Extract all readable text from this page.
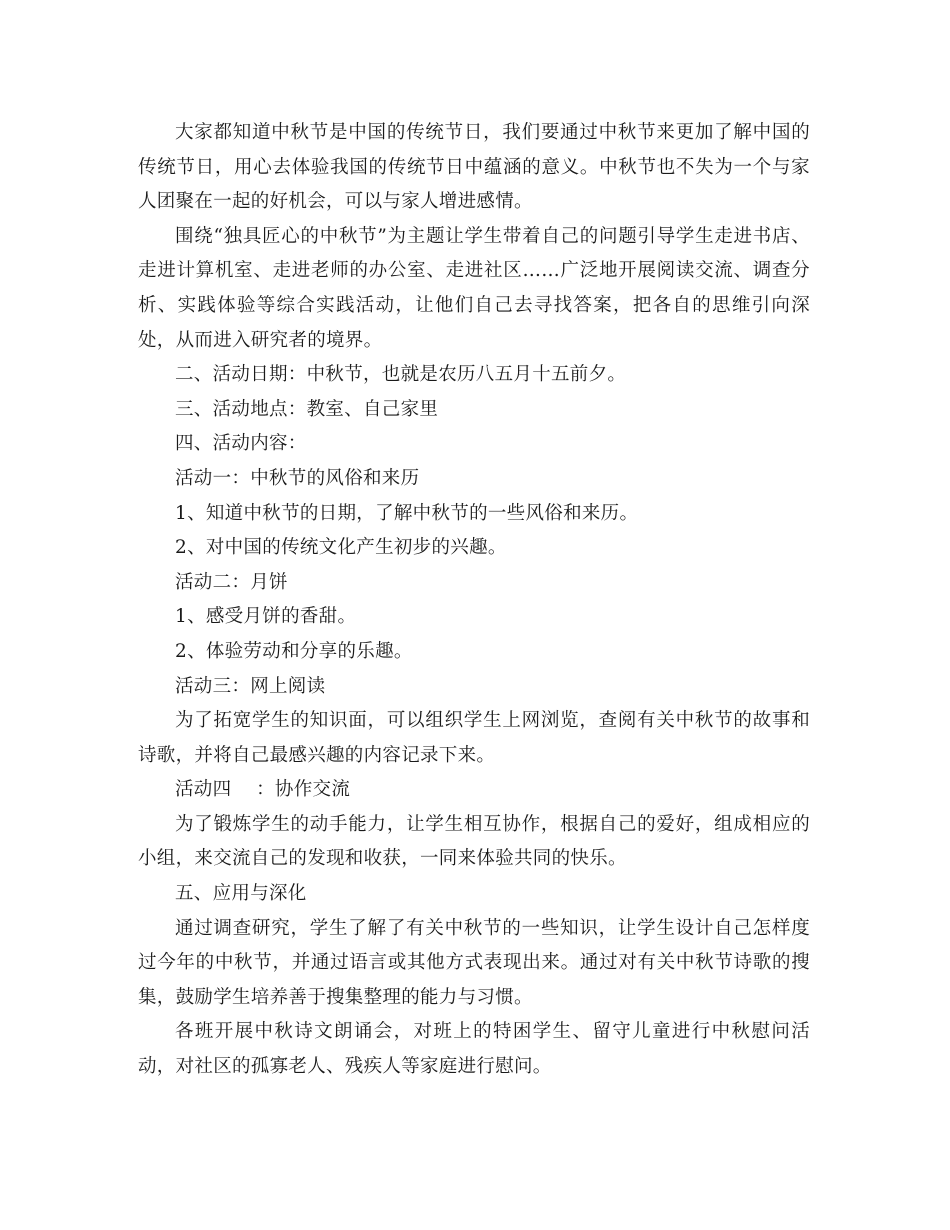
大家都知道中秋节是中国的传统节日，我们要通过中秋节来更加了解中国的传统节日，用心去体验我国的传统节日中蕴涵的意义。中秋节也不失为一个与家人团聚在一起的好机会，可以与家人增进感情。

围绕“独具匠心的中秋节”为主题让学生带着自己的问题引导学生走进书店、走进计算机室、走进老师的办公室、走进社区……广泛地开展阅读交流、调查分析、实践体验等综合实践活动，让他们自己去寻找答案，把各自的思维引向深处，从而进入研究者的境界。

二、活动日期：中秋节，也就是农历八五月十五前夕。

三、活动地点：教室、自己家里

四、活动内容：

活动一：中秋节的风俗和来历

1、知道中秋节的日期，了解中秋节的一些风俗和来历。

2、对中国的传统文化产生初步的兴趣。

活动二：月饼

1、感受月饼的香甜。

2、体验劳动和分享的乐趣。

活动三：网上阅读

为了拓宽学生的知识面，可以组织学生上网浏览，查阅有关中秋节的故事和诗歌，并将自己最感兴趣的内容记录下来。

活动四    ：协作交流

为了锻炼学生的动手能力，让学生相互协作，根据自己的爱好，组成相应的小组，来交流自己的发现和收获，一同来体验共同的快乐。

五、应用与深化

通过调查研究，学生了解了有关中秋节的一些知识，让学生设计自己怎样度过今年的中秋节，并通过语言或其他方式表现出来。通过对有关中秋节诗歌的搜集，鼓励学生培养善于搜集整理的能力与习惯。

各班开展中秋诗文朗诵会，对班上的特困学生、留守儿童进行中秋慰问活动，对社区的孤寡老人、残疾人等家庭进行慰问。
